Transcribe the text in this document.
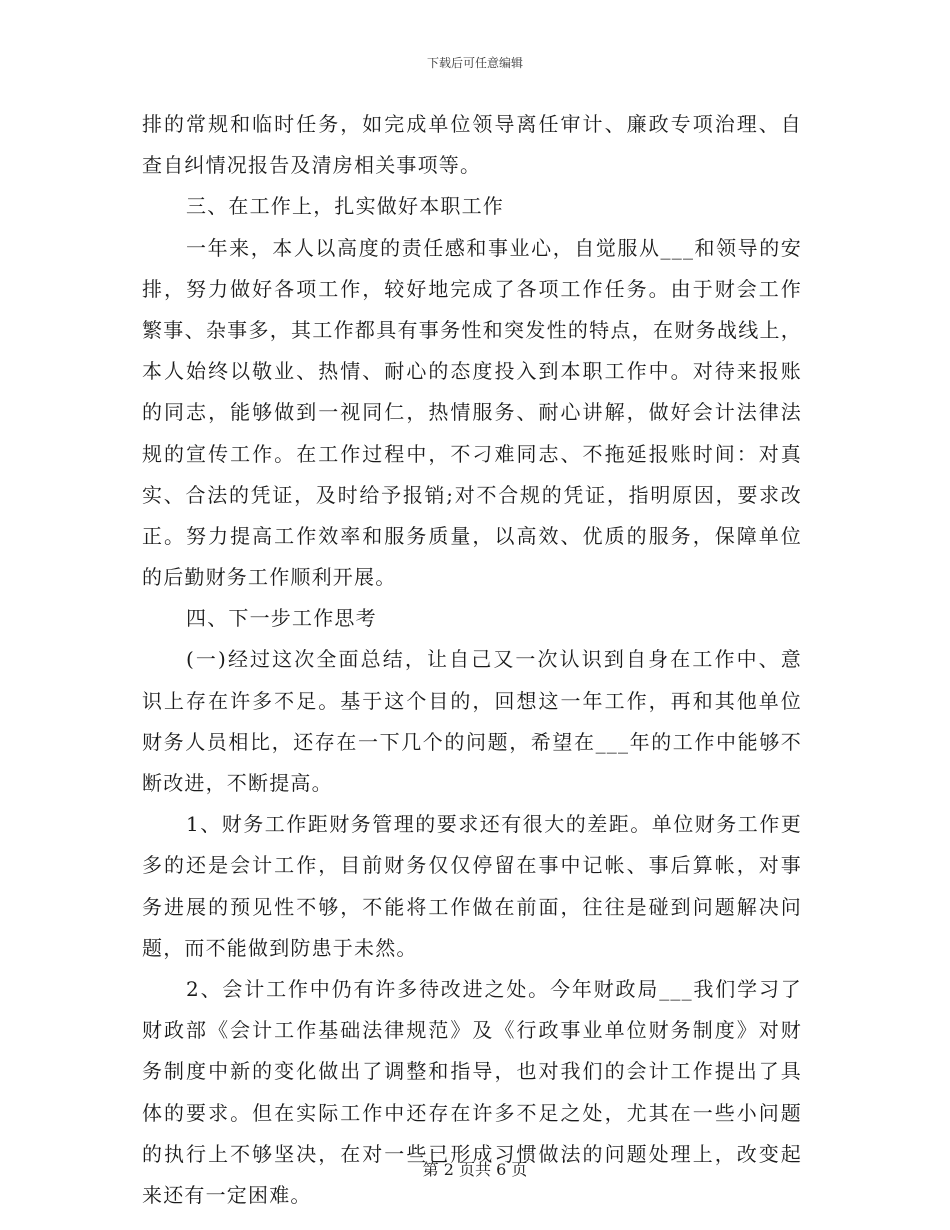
下载后可任意编辑
排的常规和临时任务，如完成单位领导离任审计、廉政专项治理、自
查自纠情况报告及清房相关事项等。
三、在工作上，扎实做好本职工作
一年来，本人以高度的责任感和事业心，自觉服从___和领导的安
排，努力做好各项工作，较好地完成了各项工作任务。由于财会工作
繁事、杂事多，其工作都具有事务性和突发性的特点，在财务战线上，
本人始终以敬业、热情、耐心的态度投入到本职工作中。对待来报账
的同志，能够做到一视同仁，热情服务、耐心讲解，做好会计法律法
规的宣传工作。在工作过程中，不刁难同志、不拖延报账时间：对真
实、合法的凭证，及时给予报销;对不合规的凭证，指明原因，要求改
正。努力提高工作效率和服务质量，以高效、优质的服务，保障单位
的后勤财务工作顺利开展。
四、下一步工作思考
(一)经过这次全面总结，让自己又一次认识到自身在工作中、意
识上存在许多不足。基于这个目的，回想这一年工作，再和其他单位
财务人员相比，还存在一下几个的问题，希望在___年的工作中能够不
断改进，不断提高。
1、财务工作距财务管理的要求还有很大的差距。单位财务工作更
多的还是会计工作，目前财务仅仅停留在事中记帐、事后算帐，对事
务进展的预见性不够，不能将工作做在前面，往往是碰到问题解决问
题，而不能做到防患于未然。
2、会计工作中仍有许多待改进之处。今年财政局___我们学习了
财政部《会计工作基础法律规范》及《行政事业单位财务制度》对财
务制度中新的变化做出了调整和指导，也对我们的会计工作提出了具
体的要求。但在实际工作中还存在许多不足之处，尤其在一些小问题
的执行上不够坚决，在对一些已形成习惯做法的问题处理上，改变起
来还有一定困难。
第 2 页共 6 页
